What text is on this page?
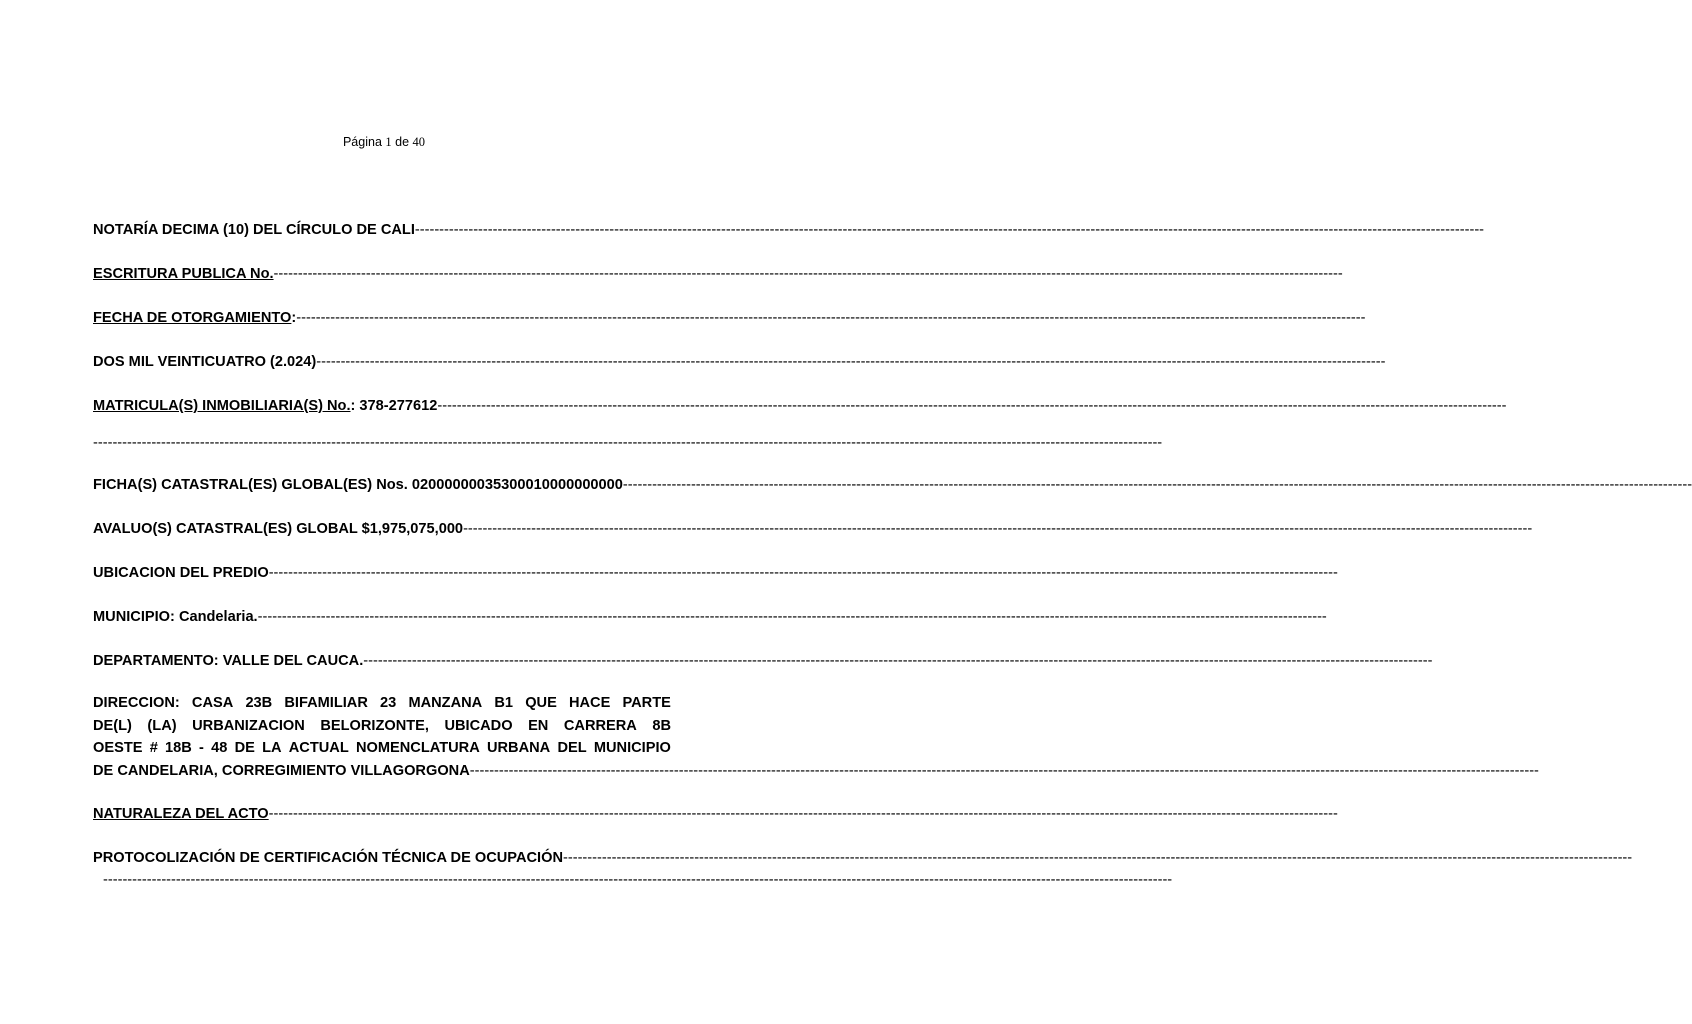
Página 1 de 40
NOTARÍA DECIMA (10) DEL CÍRCULO DE CALI----------------------------------------------------------------------------------------------------------------------------------------------------------------------------------------------------------------------------
ESCRITURA PUBLICA No.----------------------------------------------------------------------------------------------------------------------------------------------------------------------------------------------------------------------------
FECHA DE OTORGAMIENTO:----------------------------------------------------------------------------------------------------------------------------------------------------------------------------------------------------------------------------
DOS MIL VEINTICUATRO (2.024)----------------------------------------------------------------------------------------------------------------------------------------------------------------------------------------------------------------------------
MATRICULA(S) INMOBILIARIA(S) No.: 378-277612----------------------------------------------------------------------------------------------------------------------------------------------------------------------------------------------------------------------------
----------------------------------------------------------------------------------------------------------------------------------------------------------------------------------------------------------------------------
FICHA(S) CATASTRAL(ES) GLOBAL(ES) Nos. 02000000035300010000000000----------------------------------------------------------------------------------------------------------------------------------------------------------------------------------------------------------------------------
AVALUO(S) CATASTRAL(ES) GLOBAL $1,975,075,000----------------------------------------------------------------------------------------------------------------------------------------------------------------------------------------------------------------------------
UBICACION DEL PREDIO----------------------------------------------------------------------------------------------------------------------------------------------------------------------------------------------------------------------------
MUNICIPIO: Candelaria.----------------------------------------------------------------------------------------------------------------------------------------------------------------------------------------------------------------------------
DEPARTAMENTO: VALLE DEL CAUCA.----------------------------------------------------------------------------------------------------------------------------------------------------------------------------------------------------------------------------
DIRECCION: CASA 23B BIFAMILIAR 23 MANZANA B1 QUE HACE PARTE
DE(L) (LA) URBANIZACION BELORIZONTE, UBICADO EN CARRERA 8B
OESTE # 18B - 48 DE LA ACTUAL NOMENCLATURA URBANA DEL MUNICIPIO
DE CANDELARIA, CORREGIMIENTO VILLAGORGONA ----------------------------------------------------------------------------------------------------------------------------------------------------------------------------------------------------------------------------
NATURALEZA DEL ACTO----------------------------------------------------------------------------------------------------------------------------------------------------------------------------------------------------------------------------
PROTOCOLIZACIÓN DE CERTIFICACIÓN TÉCNICA DE OCUPACIÓN----------------------------------------------------------------------------------------------------------------------------------------------------------------------------------------------------------------------------
----------------------------------------------------------------------------------------------------------------------------------------------------------------------------------------------------------------------------
